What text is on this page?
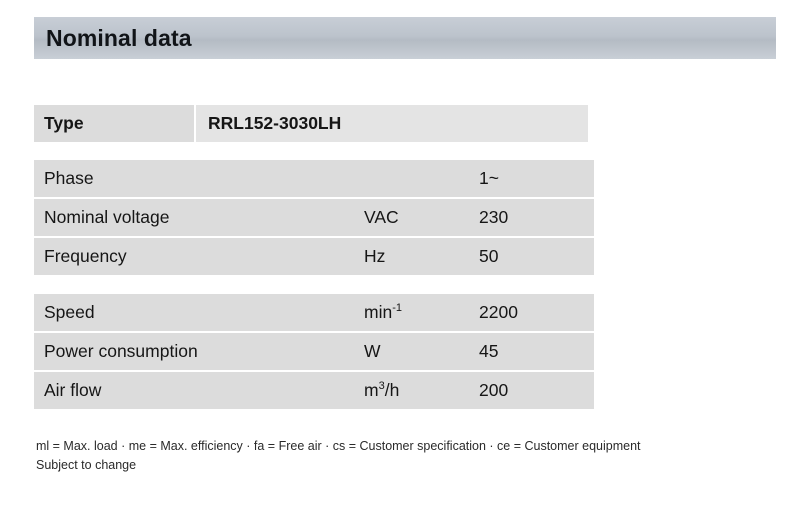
Nominal data
Type	RRL152-3030LH
Phase		1~
Nominal voltage	VAC	230
Frequency	Hz	50
Speed	$\min^{-1}$	2200
Power consumption	W	45
Air flow	$m^3/h$	200
ml = Max. load · me = Max. efficiency · fa = Free air · cs = Customer specification · ce = Customer equipment
Subject to change
